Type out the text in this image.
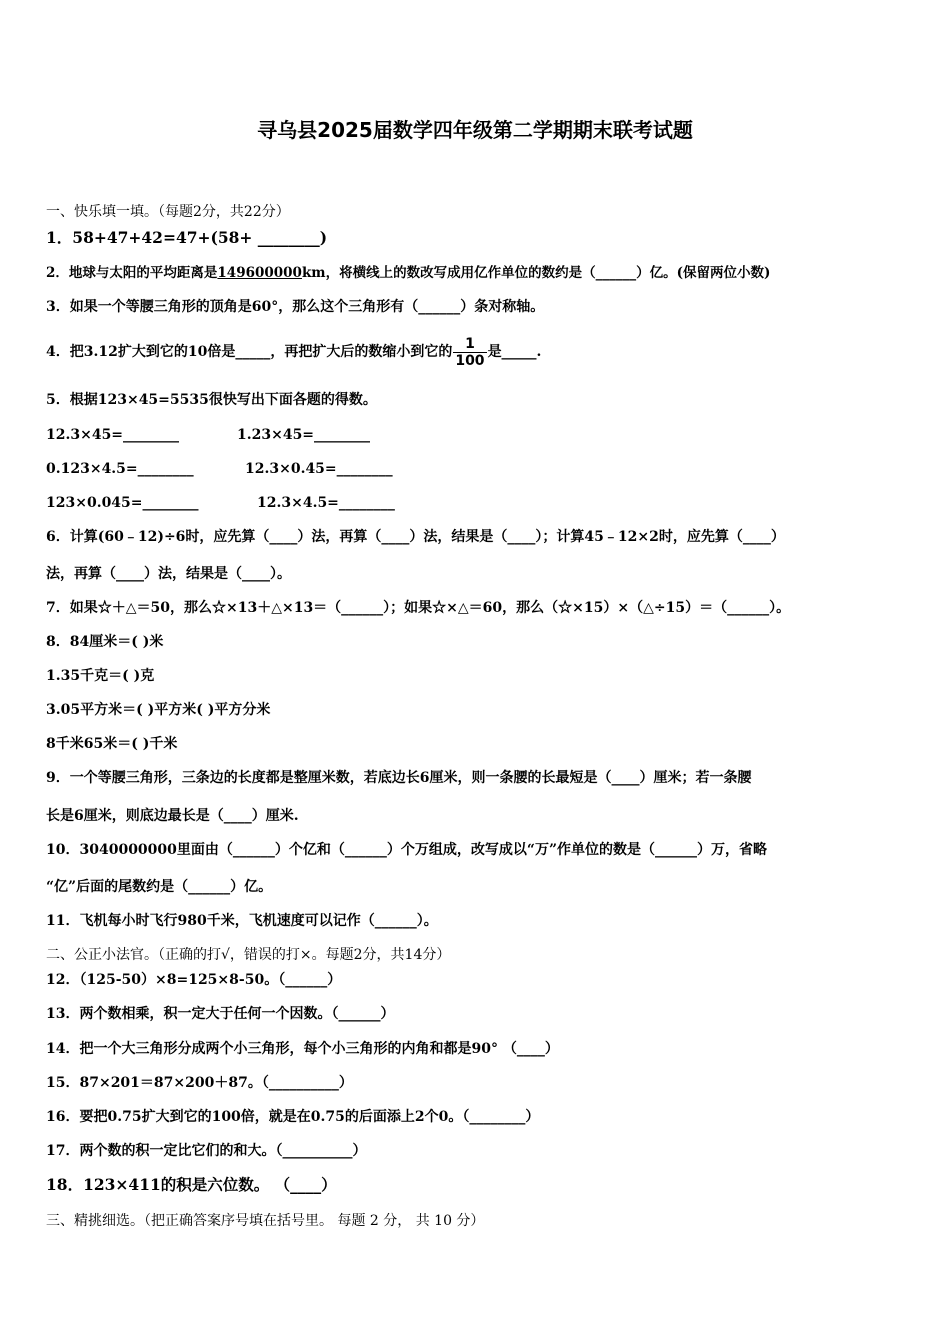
寻乌县2025届数学四年级第二学期期末联考试题
一、快乐填一填。（每题2分，共22分）
1．58+47+42=47+(58+ ________)
2．地球与太阳的平均距离是149600000km，将横线上的数改写成用亿作单位的数约是（______）亿。(保留两位小数)
3．如果一个等腰三角形的顶角是60°，那么这个三角形有（______）条对称轴。
4．把3.12扩大到它的10倍是_____，再把扩大后的数缩小到它的 $\frac{1}{100}$ 是_____.
5．根据123×45=5535很快写出下面各题的得数。
12.3×45=________	1.23×45=________
0.123×4.5=________	12.3×0.45=________
123×0.045=________	12.3×4.5=________
6．计算(60﹣12)÷6时，应先算（____）法，再算（____）法，结果是（____）；计算45﹣12×2时，应先算（____）
法，再算（____）法，结果是（____）。
7．如果☆＋△＝50，那么☆×13＋△×13＝（______）；如果☆×△＝60，那么（☆×15）×（△÷15）＝（______）。
8．84厘米＝( )米
1.35千克＝( )克
3.05平方米＝( )平方米( )平方分米
8千米65米＝( )千米
9．一个等腰三角形，三条边的长度都是整厘米数，若底边长6厘米，则一条腰的长最短是（____）厘米；若一条腰
长是6厘米，则底边最长是（____）厘米.
10．3040000000里面由（______）个亿和（______）个万组成，改写成以“万”作单位的数是（______）万，省略
“亿”后面的尾数约是（______）亿。
11．飞机每小时飞行980千米，飞机速度可以记作（______）。
二、公正小法官。（正确的打√，错误的打×。每题2分，共14分）
12．（125-50）×8=125×8-50。（______）
13．两个数相乘，积一定大于任何一个因数。（______）
14．把一个大三角形分成两个小三角形，每个小三角形的内角和都是90° （____）
15．87×201＝87×200＋87。（__________）
16．要把0.75扩大到它的100倍，就是在0.75的后面添上2个0。（________）
17．两个数的积一定比它们的和大。（__________）
18．123×411的积是六位数。 （____）
三、精挑细选。（把正确答案序号填在括号里。 每题 2 分， 共 10 分）
